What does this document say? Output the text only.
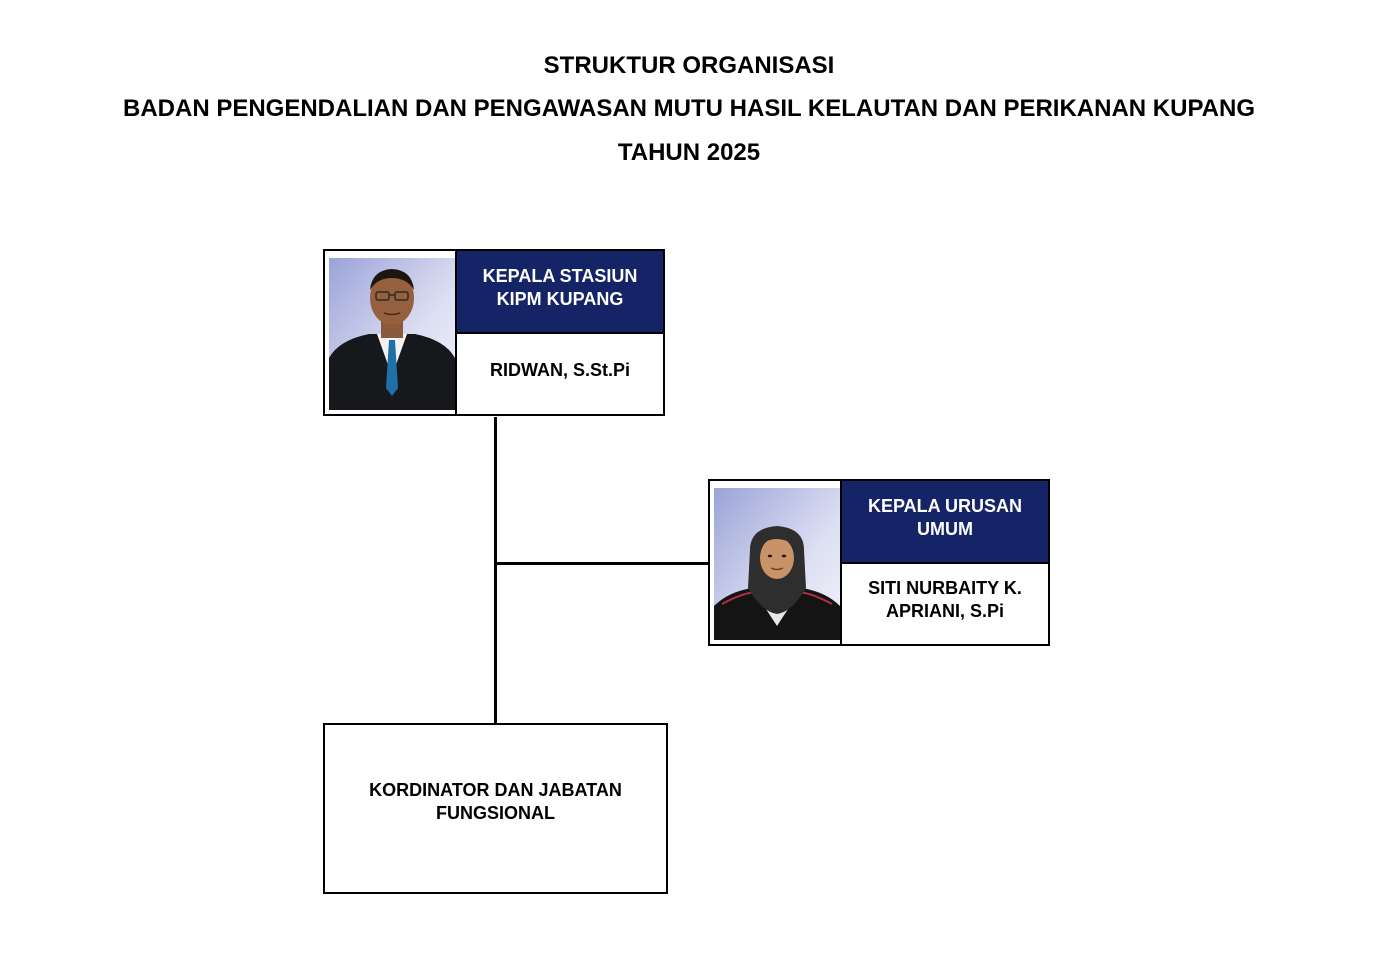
STRUKTUR ORGANISASI
BADAN PENGENDALIAN DAN PENGAWASAN MUTU HASIL KELAUTAN DAN PERIKANAN KUPANG
TAHUN 2025
KEPALA STASIUN KIPM KUPANG
RIDWAN, S.St.Pi
KEPALA URUSAN UMUM
SITI NURBAITY K. APRIANI, S.Pi
KORDINATOR DAN JABATAN FUNGSIONAL
